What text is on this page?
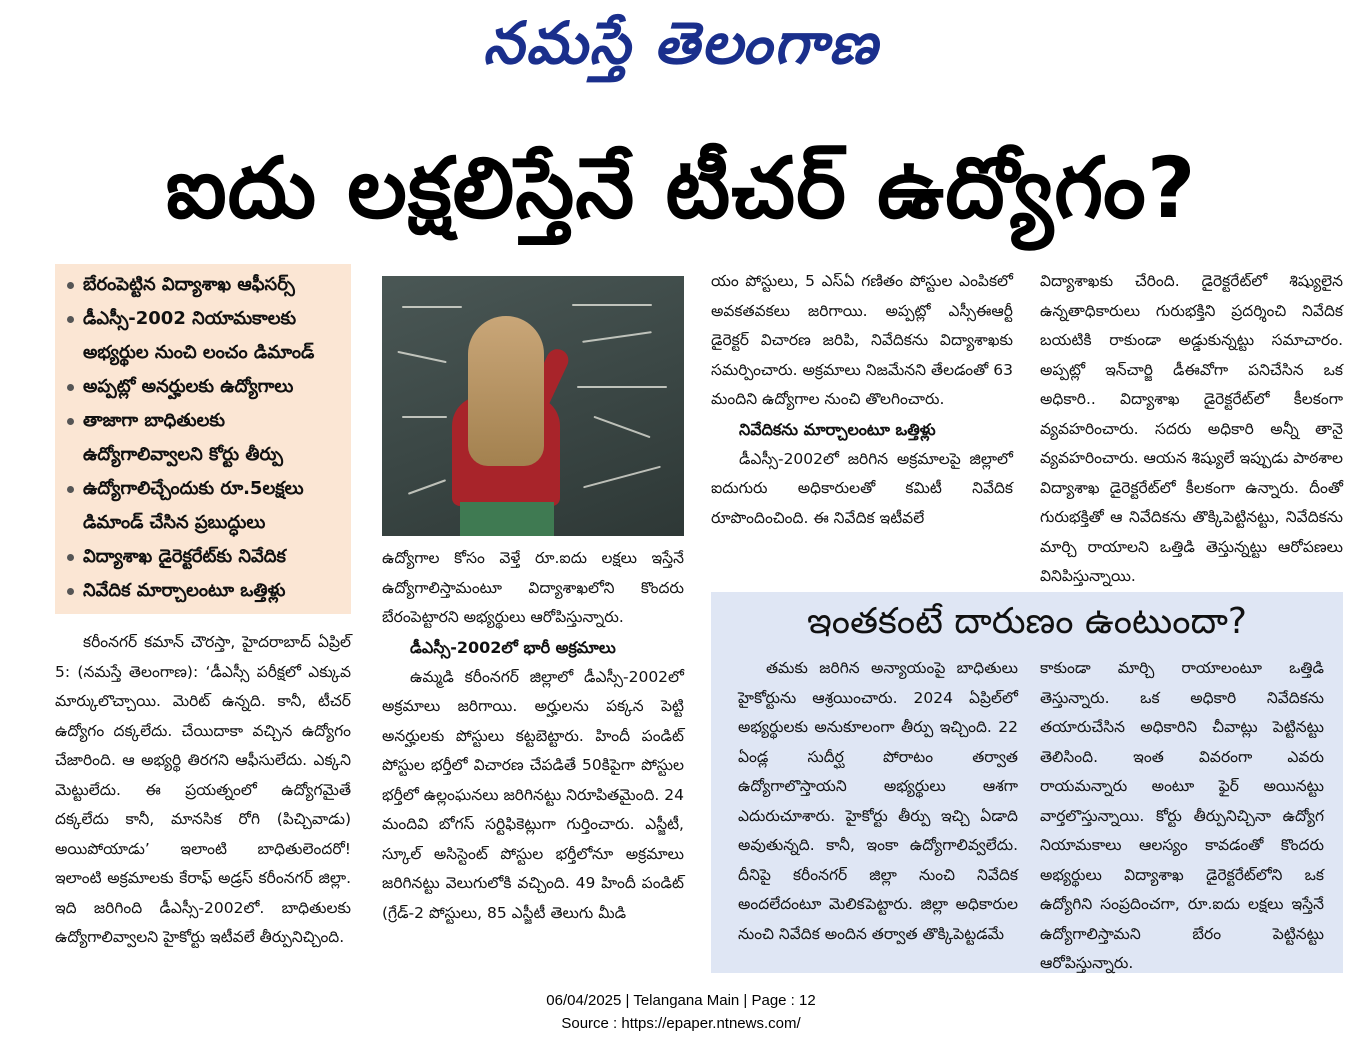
నమస్తే తెలంగాణ
ఐదు లక్షలిస్తేనే టీచర్ ఉద్యోగం?
బేరంపెట్టిన విద్యాశాఖ ఆఫీసర్స్
డీఎస్సీ-2002 నియామకాలకు అభ్యర్థుల నుంచి లంచం డిమాండ్
అప్పట్లో అనర్హులకు ఉద్యోగాలు
తాజాగా బాధితులకు ఉద్యోగాలివ్వాలని కోర్టు తీర్పు
ఉద్యోగాలిచ్చేందుకు రూ.5లక్షలు డిమాండ్ చేసిన ప్రబుద్ధులు
విద్యాశాఖ డైరెక్టరేట్‌కు నివేదిక
నివేదిక మార్చాలంటూ ఒత్తిళ్లు

కరీంనగర్ కమాన్ చౌరస్తా, హైదరాబాద్ ఏప్రిల్ 5: (నమస్తే తెలంగాణ): ‘డీఎస్సీ పరీక్షలో ఎక్కువ మార్కులొచ్చాయి. మెరిట్ ఉన్నది. కానీ, టీచర్ ఉద్యోగం దక్కలేదు. చేయిదాకా వచ్చిన ఉద్యోగం చేజారింది. ఆ అభ్యర్థి తిరగని ఆఫీసులేదు. ఎక్కని మెట్టులేదు. ఈ ప్రయత్నంలో ఉద్యోగమైతే దక్కలేదు కానీ, మానసిక రోగి (పిచ్చివాడు) అయిపోయాడు’ ఇలాంటి బాధితులెందరో! ఇలాంటి అక్రమాలకు కేరాఫ్ అడ్రస్ కరీంనగర్ జిల్లా. ఇది జరిగింది డీఎస్సీ-2002లో. బాధితులకు ఉద్యోగాలివ్వాలని హైకోర్టు ఇటీవలే తీర్పునిచ్చింది.

ఉద్యోగాల కోసం వెళ్తే రూ.ఐదు లక్షలు ఇస్తేనే ఉద్యోగాలిస్తామంటూ విద్యాశాఖలోని కొందరు బేరంపెట్టారని అభ్యర్థులు ఆరోపిస్తున్నారు.

డీఎస్సీ-2002లో భారీ అక్రమాలు

ఉమ్మడి కరీంనగర్ జిల్లాలో డీఎస్సీ-2002లో అక్రమాలు జరిగాయి. అర్హులను పక్కన పెట్టి అనర్హులకు పోస్టులు కట్టబెట్టారు. హిందీ పండిట్ పోస్టుల భర్తీలో విచారణ చేపడితే 50కిపైగా పోస్టుల భర్తీలో ఉల్లంఘనలు జరిగినట్టు నిరూపితమైంది. 24 మందివి బోగస్ సర్టిఫికెట్లుగా గుర్తించారు. ఎస్జీటీ, స్కూల్ అసిస్టెంట్ పోస్టుల భర్తీలోనూ అక్రమాలు జరిగినట్టు వెలుగులోకి వచ్చింది. 49 హిందీ పండిట్ (గ్రేడ్-2 పోస్టులు, 85 ఎస్జీటీ తెలుగు మీడి

యం పోస్టులు, 5 ఎస్ఏ గణితం పోస్టుల ఎంపికలో అవకతవకలు జరిగాయి. అప్పట్లో ఎస్సీఈఆర్టీ డైరెక్టర్ విచారణ జరిపి, నివేదికను విద్యాశాఖకు సమర్పించారు. అక్రమాలు నిజమేనని తేలడంతో 63 మందిని ఉద్యోగాల నుంచి తొలగించారు.

నివేదికను మార్చాలంటూ ఒత్తిళ్లు

డీఎస్సీ-2002లో జరిగిన అక్రమాలపై జిల్లాలో ఐదుగురు అధికారులతో కమిటీ నివేదిక రూపొందించింది. ఈ నివేదిక ఇటీవలే

విద్యాశాఖకు చేరింది. డైరెక్టరేట్‌లో శిష్యులైన ఉన్నతాధికారులు గురుభక్తిని ప్రదర్శించి నివేదిక బయటికి రాకుండా అడ్డుకున్నట్టు సమాచారం. అప్పట్లో ఇన్‌చార్జి డీఈవోగా పనిచేసిన ఒక అధికారి.. విద్యాశాఖ డైరెక్టరేట్‌లో కీలకంగా వ్యవహరించారు. సదరు అధికారి అన్నీ తానై వ్యవహరించారు. ఆయన శిష్యులే ఇప్పుడు పాఠశాల విద్యాశాఖ డైరెక్టరేట్‌లో కీలకంగా ఉన్నారు. దీంతో గురుభక్తితో ఆ నివేదికను తొక్కిపెట్టినట్టు, నివేదికను మార్చి రాయాలని ఒత్తిడి తెస్తున్నట్టు ఆరోపణలు వినిపిస్తున్నాయి.

ఇంతకంటే దారుణం ఉంటుందా?

తమకు జరిగిన అన్యాయంపై బాధితులు హైకోర్టును ఆశ్రయించారు. 2024 ఏప్రిల్‌లో అభ్యర్థులకు అనుకూలంగా తీర్పు ఇచ్చింది. 22 ఏండ్ల సుదీర్ఘ పోరాటం తర్వాత ఉద్యోగాలొస్తాయని అభ్యర్థులు ఆశగా ఎదురుచూశారు. హైకోర్టు తీర్పు ఇచ్చి ఏడాది అవుతున్నది. కానీ, ఇంకా ఉద్యోగాలివ్వలేదు. దీనిపై కరీంనగర్ జిల్లా నుంచి నివేదిక అందలేదంటూ మెలికపెట్టారు. జిల్లా అధికారుల నుంచి నివేదిక అందిన తర్వాత తొక్కిపెట్టడమే

కాకుండా మార్చి రాయాలంటూ ఒత్తిడి తెస్తున్నారు. ఒక అధికారి నివేదికను తయారుచేసిన అధికారిని చీవాట్లు పెట్టినట్టు తెలిసింది. ఇంత వివరంగా ఎవరు రాయమన్నారు అంటూ ఫైర్ అయినట్టు వార్తలొస్తున్నాయి. కోర్టు తీర్పునిచ్చినా ఉద్యోగ నియామకాలు ఆలస్యం కావడంతో కొందరు అభ్యర్థులు విద్యాశాఖ డైరెక్టరేట్‌లోని ఒక ఉద్యోగిని సంప్రదించగా, రూ.ఐదు లక్షలు ఇస్తేనే ఉద్యోగాలిస్తామని బేరం పెట్టినట్టు ఆరోపిస్తున్నారు.

06/04/2025 | Telangana Main | Page : 12
Source : https://epaper.ntnews.com/
